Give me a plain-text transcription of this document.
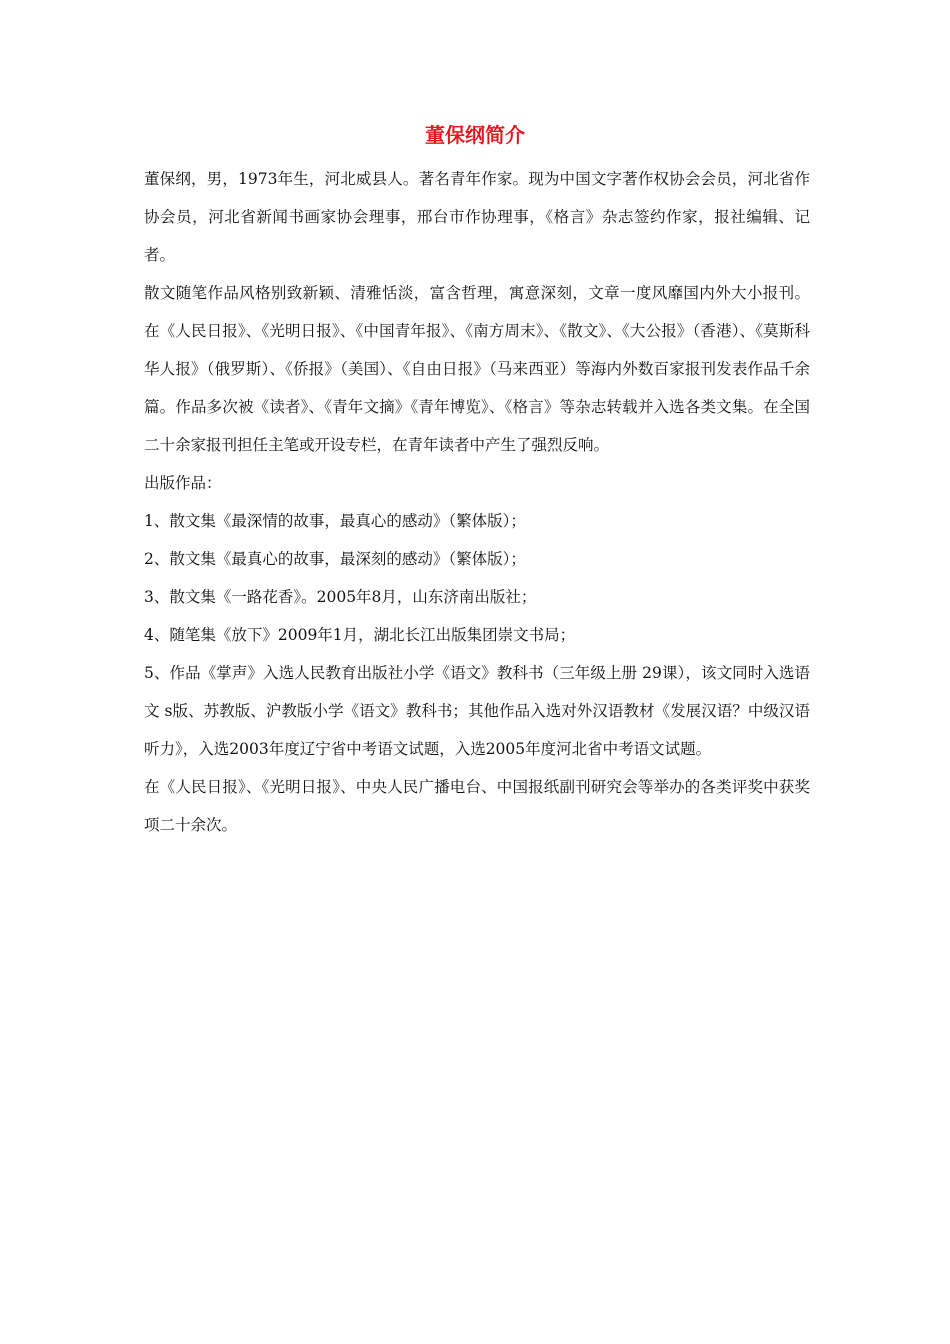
董保纲简介

董保纲，男，1973年生，河北威县人。著名青年作家。现为中国文字著作权协会会员，河北省作协会员，河北省新闻书画家协会理事，邢台市作协理事，《格言》杂志签约作家，报社编辑、记者。

散文随笔作品风格别致新颖、清雅恬淡，富含哲理，寓意深刻，文章一度风靡国内外大小报刊。在《人民日报》、《光明日报》、《中国青年报》、《南方周末》、《散文》、《大公报》（香港）、《莫斯科华人报》（俄罗斯）、《侨报》（美国）、《自由日报》（马来西亚）等海内外数百家报刊发表作品千余篇。作品多次被《读者》、《青年文摘》《青年博览》、《格言》等杂志转载并入选各类文集。在全国二十余家报刊担任主笔或开设专栏，在青年读者中产生了强烈反响。

出版作品：

1、散文集《最深情的故事，最真心的感动》（繁体版）；

2、散文集《最真心的故事，最深刻的感动》（繁体版）；

3、散文集《一路花香》。2005年8月，山东济南出版社；

4、随笔集《放下》2009年1月，湖北长江出版集团崇文书局；

5、作品《掌声》入选人民教育出版社小学《语文》教科书（三年级上册 29课），该文同时入选语文 s版、苏教版、沪教版小学《语文》教科书；其他作品入选对外汉语教材《发展汉语？中级汉语听力》，入选2003年度辽宁省中考语文试题，入选2005年度河北省中考语文试题。

在《人民日报》、《光明日报》、中央人民广播电台、中国报纸副刊研究会等举办的各类评奖中获奖项二十余次。
